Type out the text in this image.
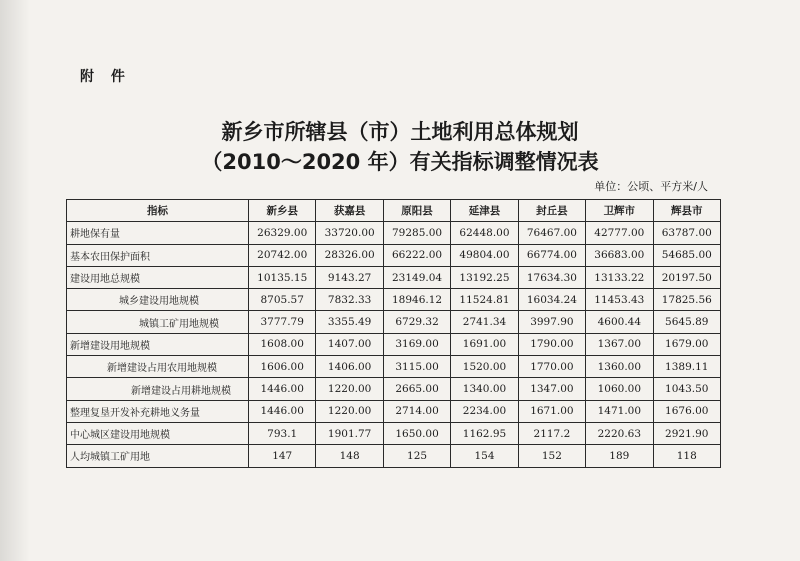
附 件
新乡市所辖县（市）土地利用总体规划
（2010～2020 年）有关指标调整情况表
单位：公顷、平方米/人
指标	新乡县	获嘉县	原阳县	延津县	封丘县	卫辉市	辉县市
耕地保有量	26329.00	33720.00	79285.00	62448.00	76467.00	42777.00	63787.00
基本农田保护面积	20742.00	28326.00	66222.00	49804.00	66774.00	36683.00	54685.00
建设用地总规模	10135.15	9143.27	23149.04	13192.25	17634.30	13133.22	20197.50
城乡建设用地规模	8705.57	7832.33	18946.12	11524.81	16034.24	11453.43	17825.56
城镇工矿用地规模	3777.79	3355.49	6729.32	2741.34	3997.90	4600.44	5645.89
新增建设用地规模	1608.00	1407.00	3169.00	1691.00	1790.00	1367.00	1679.00
新增建设占用农用地规模	1606.00	1406.00	3115.00	1520.00	1770.00	1360.00	1389.11
新增建设占用耕地规模	1446.00	1220.00	2665.00	1340.00	1347.00	1060.00	1043.50
整理复垦开发补充耕地义务量	1446.00	1220.00	2714.00	2234.00	1671.00	1471.00	1676.00
中心城区建设用地规模	793.1	1901.77	1650.00	1162.95	2117.2	2220.63	2921.90
人均城镇工矿用地	147	148	125	154	152	189	118
